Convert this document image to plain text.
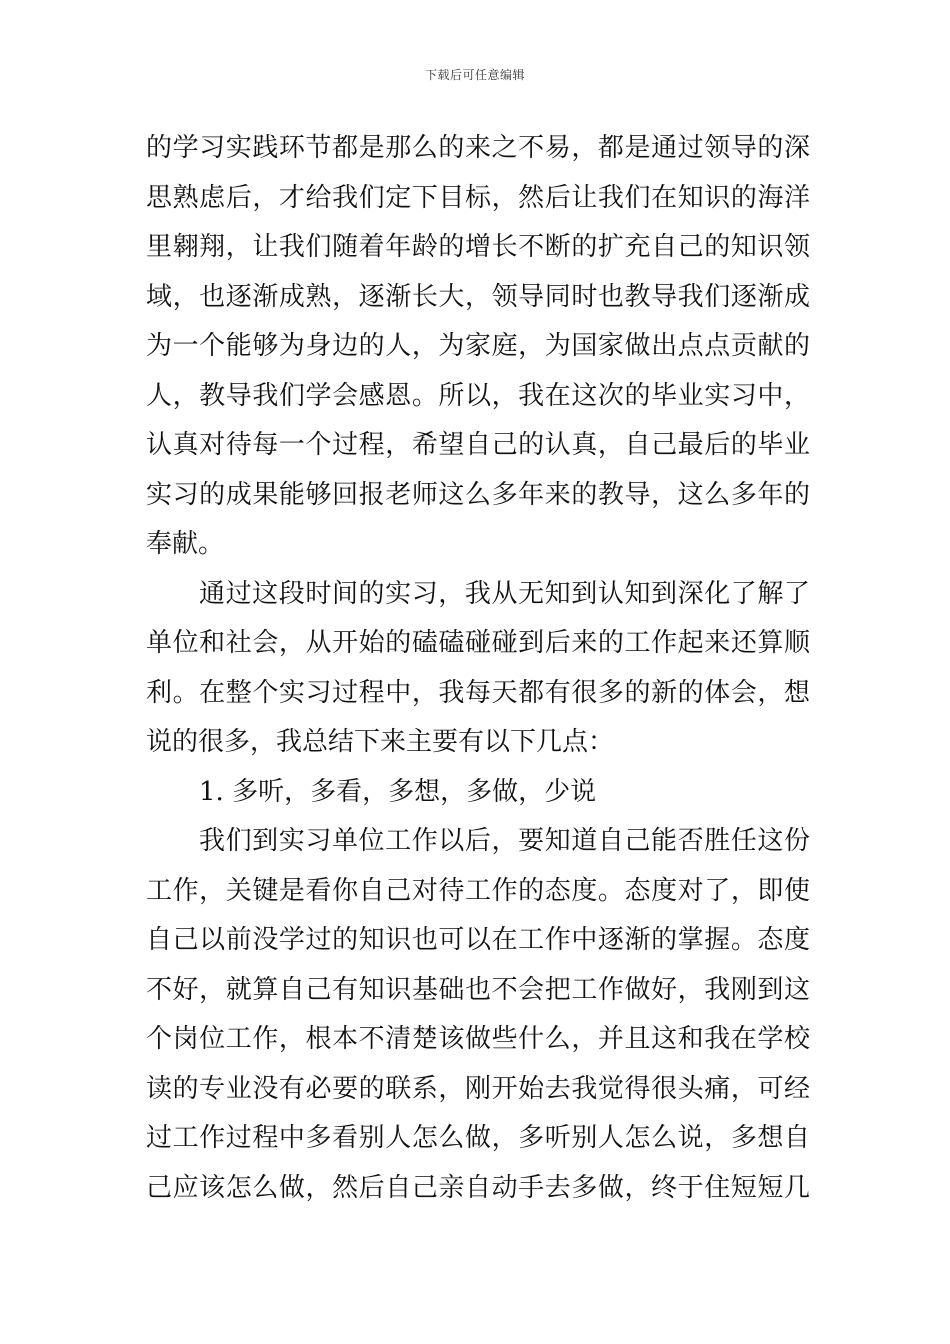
下载后可任意编辑
的学习实践环节都是那么的来之不易，都是通过领导的深
思熟虑后，才给我们定下目标，然后让我们在知识的海洋
里翱翔，让我们随着年龄的增长不断的扩充自己的知识领
域，也逐渐成熟，逐渐长大，领导同时也教导我们逐渐成
为一个能够为身边的人，为家庭，为国家做出点点贡献的
人，教导我们学会感恩。所以，我在这次的毕业实习中，
认真对待每一个过程，希望自己的认真，自己最后的毕业
实习的成果能够回报老师这么多年来的教导，这么多年的
奉献。
通过这段时间的实习，我从无知到认知到深化了解了
单位和社会，从开始的磕磕碰碰到后来的工作起来还算顺
利。在整个实习过程中，我每天都有很多的新的体会，想
说的很多，我总结下来主要有以下几点：
1. 多听，多看，多想，多做，少说
我们到实习单位工作以后，要知道自己能否胜任这份
工作，关键是看你自己对待工作的态度。态度对了，即使
自己以前没学过的知识也可以在工作中逐渐的掌握。态度
不好，就算自己有知识基础也不会把工作做好，我刚到这
个岗位工作，根本不清楚该做些什么，并且这和我在学校
读的专业没有必要的联系，刚开始去我觉得很头痛，可经
过工作过程中多看别人怎么做，多听别人怎么说，多想自
己应该怎么做，然后自己亲自动手去多做，终于住短短几
